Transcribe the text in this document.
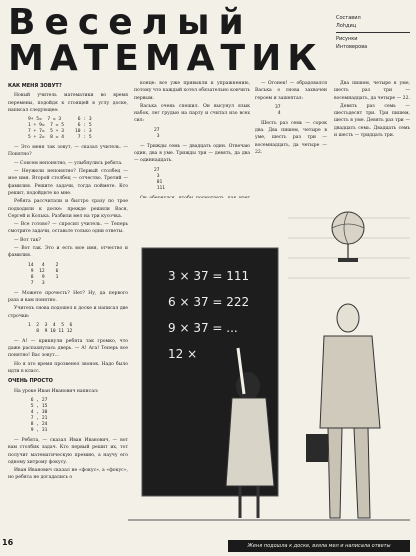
Веселый
МАТЕМАТИК
Составил
Лоhдиц
Рисунки
Интоверова
КАК МЕНЯ ЗОВУТ?

Новый учитель математики во время перемены, подойдя к стоящей в углу доске, написал следующее:

9+ 5=  7 = 3      6 : 3
1 + 9=  7 = 5     6 : 5
7 + 7=  5 + 3    10 : 3
5 + 2=  8 = 4     7 : 5

— Это меня так зовут, — сказал учитель. — Понятно?

— Совсем непонятно, — улыбнулись ребята.

— Неужели непонятно? Первый столбец — мое имя. Второй столбец — отчество. Третий — фамилия. Решите задачи, тогда поймете. Кто решит, подойдите ко мне.

Ребята рассчитали и быстро сразу по трое подходили к доске: прежде решили Вася, Сергей и Колька. Разбили мел на три кусочка.

— Все готово? — спросил учитель. — Теперь смотрите задачи, оставьте только одни ответы.

— Вот так?

— Вот так. Это и есть мое имя, отчество и фамилия.

14   4    2
9  12    6
8   9    1
7   3

— Можете прочесть? Нет? Ну, да первого раза и вам понятно.

Учитель снова подошел к доске и написал две строчки:

1  2  3  4  5  6
8  9 10 11 12

— А! — крикнули ребята так громко, что даже распахнулась дверь. — А! Ага! Теперь все понятно! Вас зовут...

Но я это время прозвенел звонок. Надо было идти в класс.

ОЧЕНЬ ПРОСТО

На уроке Иван Иванович написал:

6 , 27
5 , 15
4 , 30
7 , 21
8 , 24
9 , 31

— Ребята, — сказал Иван Иванович, — вот вам столбик задач. Кто первый решит их, тот получит математическую премию, а научу его одному хитрому фокусу.

Иван Иванович сказал не «фокус», а «фокус», но ребята не догадались о

конце: все уже привыкли к упражнению, потому что каждый хотел обязательно кончить первым.

Васька очень спешил. Он высунул язык набок, лег грудью на парту и считал изо всех сил:

27
3

— Трижды семь — двадцать один. Отвечаю один, два в уме. Трижды три — девять, да два — одиннадцать.

27
3
81
111

— Огонек! — обрадовался Васька о снова захвачен героем и зашептал:

37
4

Шесть раз семь — сорок два. Два пишем, четыре в уме, шесть раз три — восемнадцать, да четыре — 22.

Два пишем, четыре в уме, шесть раз три — восемнадцать, да четыре — 22.

Девять раз семь — шестьдесят три. Три пишем, шесть в уме. Девять раз три — двадцать семь. Двадцать семь и шесть — тридцать три.

3 × 37 = 111
6 × 37 = 222
9 × 37 = ...
12 ×
Женя подошла к доске, взяла мел и написала ответы
16
